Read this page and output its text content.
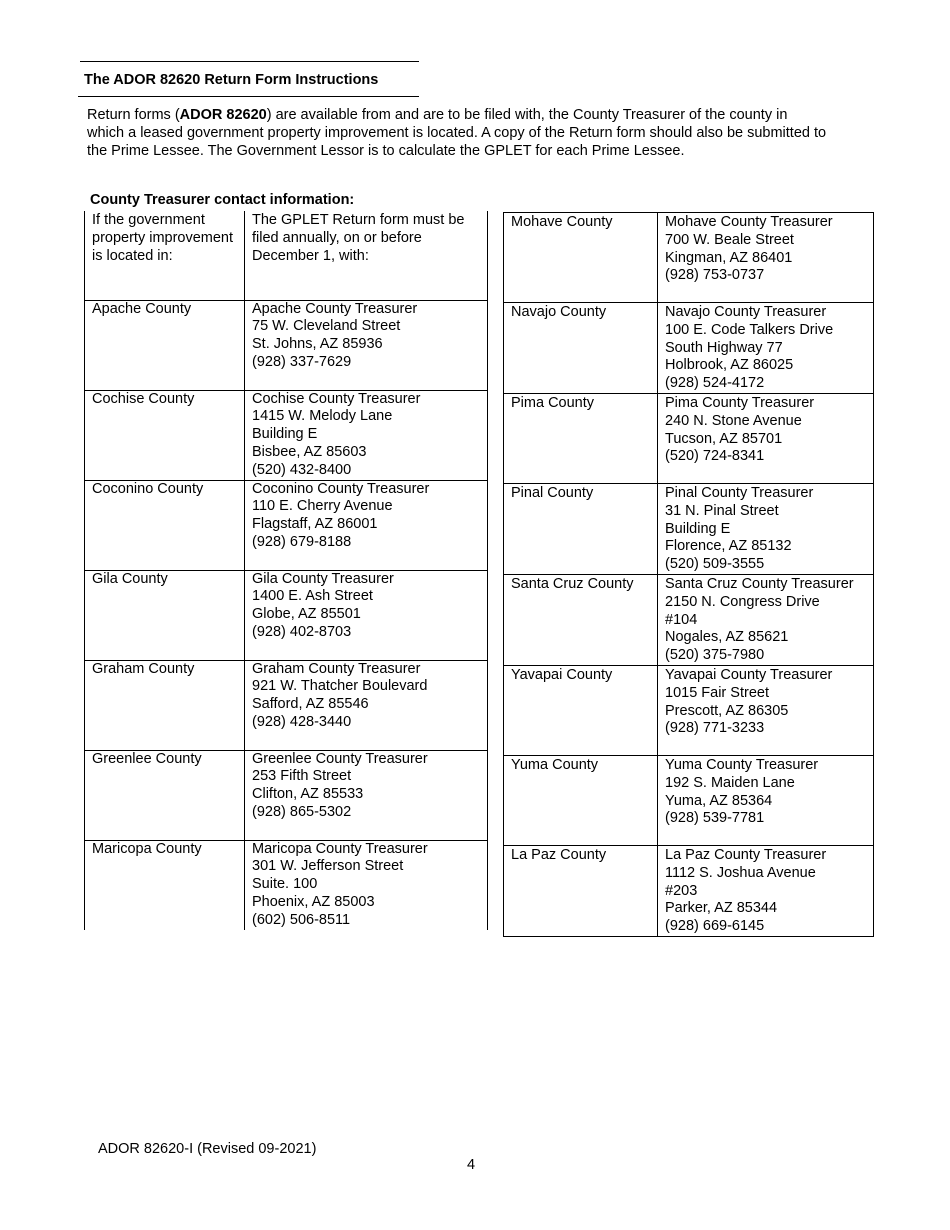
The ADOR 82620 Return Form Instructions
Return forms (ADOR 82620) are available from and are to be filed with, the County Treasurer of the county in which a leased government property improvement is located. A copy of the Return form should also be submitted to the Prime Lessee. The Government Lessor is to calculate the GPLET for each Prime Lessee.
County Treasurer contact information:
If the government property improvement is located in:	The GPLET Return form must be filed annually, on or before December 1, with:
Apache County	Apache County Treasurer
75 W. Cleveland Street
St. Johns, AZ 85936
(928) 337-7629

Cochise County	Cochise County Treasurer
1415 W. Melody Lane
Building E
Bisbee, AZ 85603
(520) 432-8400

Coconino County	Coconino County Treasurer
110 E. Cherry Avenue
Flagstaff, AZ 86001
(928) 679-8188

Gila County	Gila County Treasurer
1400 E. Ash Street
Globe, AZ 85501
(928) 402-8703

Graham County	Graham County Treasurer
921 W. Thatcher Boulevard
Safford, AZ 85546
(928) 428-3440

Greenlee County	Greenlee County Treasurer
253 Fifth Street
Clifton, AZ 85533
(928) 865-5302

Maricopa County	Maricopa County Treasurer
301 W. Jefferson Street
Suite. 100
Phoenix, AZ 85003
(602) 506-8511
Mohave County	Mohave County Treasurer
700 W. Beale Street
Kingman, AZ 86401
(928) 753-0737

Navajo County	Navajo County Treasurer
100 E. Code Talkers Drive
South Highway 77
Holbrook, AZ 86025
(928) 524-4172

Pima County	Pima County Treasurer
240 N. Stone Avenue
Tucson, AZ 85701
(520) 724-8341

Pinal County	Pinal County Treasurer
31 N. Pinal Street
Building E
Florence, AZ 85132
(520) 509-3555

Santa Cruz County	Santa Cruz County Treasurer
2150 N. Congress Drive
#104
Nogales, AZ 85621
(520) 375-7980

Yavapai County	Yavapai County Treasurer
1015 Fair Street
Prescott, AZ 86305
(928) 771-3233

Yuma County	Yuma County Treasurer
192 S. Maiden Lane
Yuma, AZ 85364
(928) 539-7781

La Paz County	La Paz County Treasurer
1112 S. Joshua Avenue
#203
Parker, AZ 85344
(928) 669-6145
ADOR 82620-I (Revised 09-2021)
4
